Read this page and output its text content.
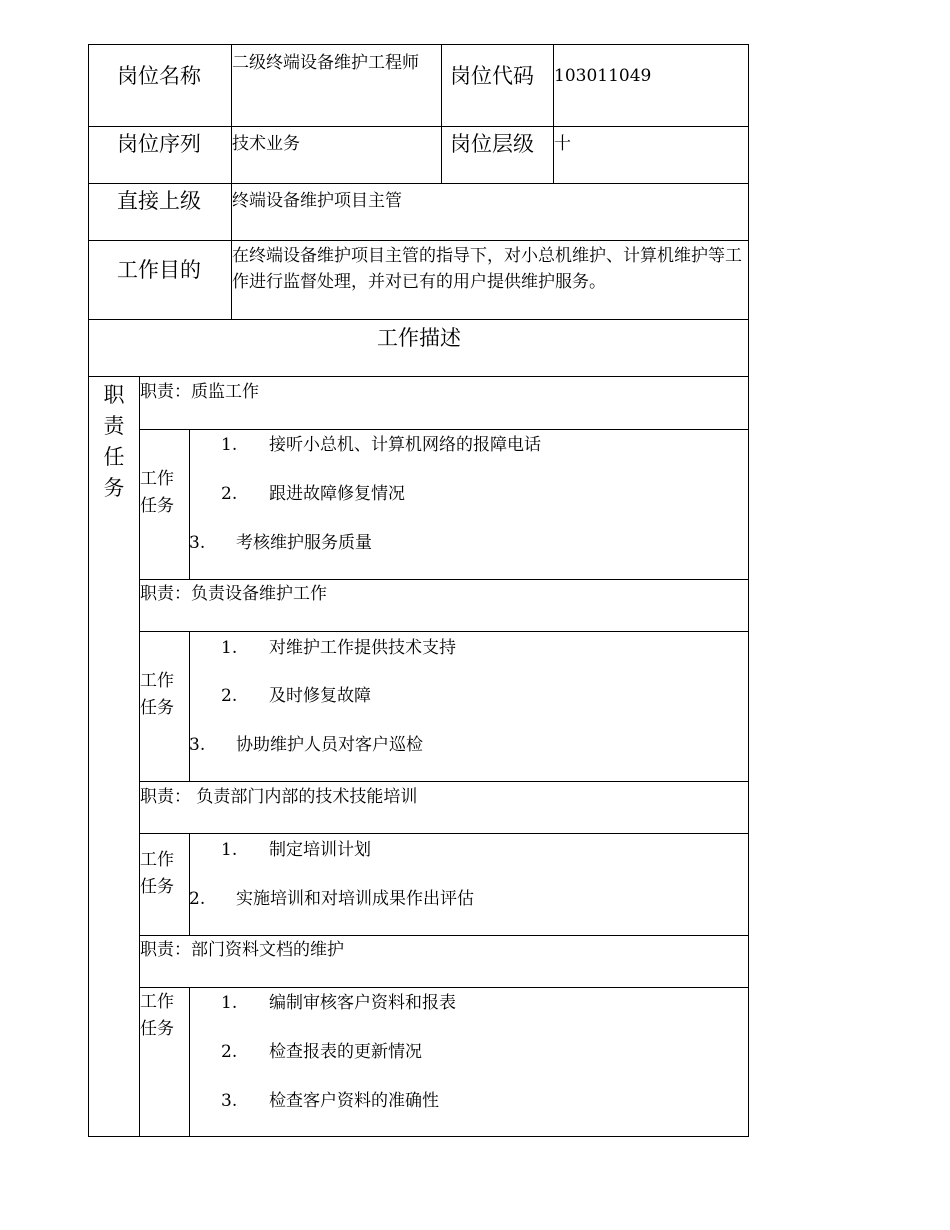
岗位名称
二级终端设备维护工程师
岗位代码 103011049
岗位序列 技术业务	岗位层级 十
直接上级 终端设备维护项目主管
工作目的
在终端设备维护项目主管的指导下，对小总机维护、计算机维护等工作进行监督处理，并对已有的用户提供维护服务。
工作描述
职责任务
职责：质监工作
工作任务
1. 接听小总机、计算机网络的报障电话
2. 跟进故障修复情况
3. 考核维护服务质量
职责：负责设备维护工作
工作任务
1. 对维护工作提供技术支持
2. 及时修复故障
3. 协助维护人员对客户巡检
职责： 负责部门内部的技术技能培训
工作任务
1. 制定培训计划
2. 实施培训和对培训成果作出评估
职责：部门资料文档的维护
工作任务
1. 编制审核客户资料和报表
2. 检查报表的更新情况
3. 检查客户资料的准确性
